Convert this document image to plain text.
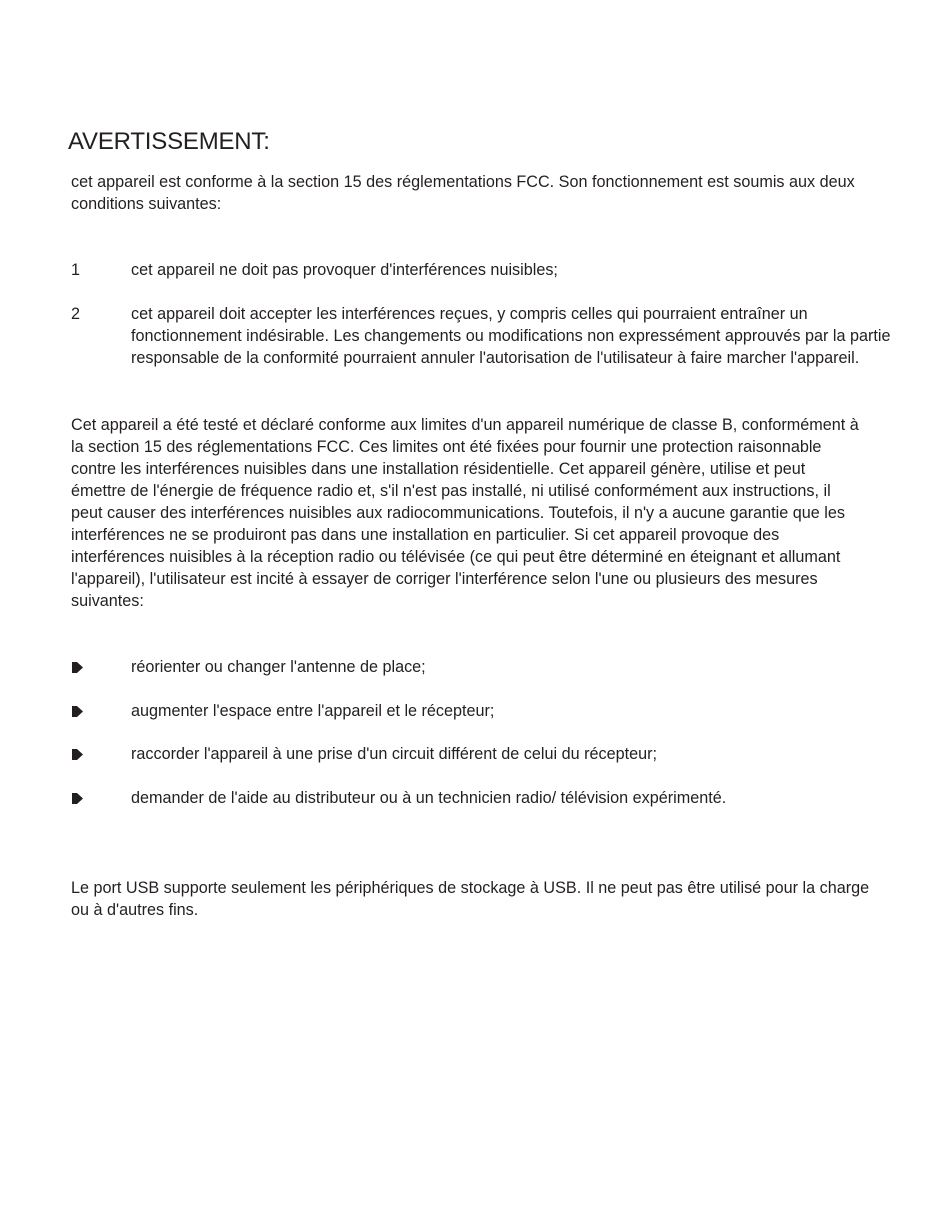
AVERTISSEMENT:

cet appareil est conforme à la section 15 des réglementations FCC. Son fonctionnement est soumis aux deux conditions suivantes:

1	cet appareil ne doit pas provoquer d'interférences nuisibles;
2	cet appareil doit accepter les interférences reçues, y compris celles qui pourraient entraîner un fonctionnement indésirable. Les changements ou modifications non expressément approuvés par la partie responsable de la conformité pourraient annuler l'autorisation de l'utilisateur à faire marcher l'appareil.

Cet appareil a été testé et déclaré conforme aux limites d'un appareil numérique de classe B, conformément à la section 15 des réglementations FCC. Ces limites ont été fixées pour fournir une protection raisonnable contre les interférences nuisibles dans une installation résidentielle. Cet appareil génère, utilise et peut émettre de l'énergie de fréquence radio et, s'il n'est pas installé, ni utilisé conformément aux instructions, il peut causer des interférences nuisibles aux radiocommunications. Toutefois, il n'y a aucune garantie que les interférences ne se produiront pas dans une installation en particulier. Si cet appareil provoque des interférences nuisibles à la réception radio ou télévisée (ce qui peut être déterminé en éteignant et allumant l'appareil), l'utilisateur est incité à essayer de corriger l'interférence selon l'une ou plusieurs des mesures suivantes:

réorienter ou changer l'antenne de place;
augmenter l'espace entre l'appareil et le récepteur;
raccorder l'appareil à une prise d'un circuit différent de celui du récepteur;
demander de l'aide au distributeur ou à un technicien radio/ télévision expérimenté.

Le port USB supporte seulement les périphériques de stockage à USB. Il ne peut pas être utilisé pour la charge ou à d'autres fins.
